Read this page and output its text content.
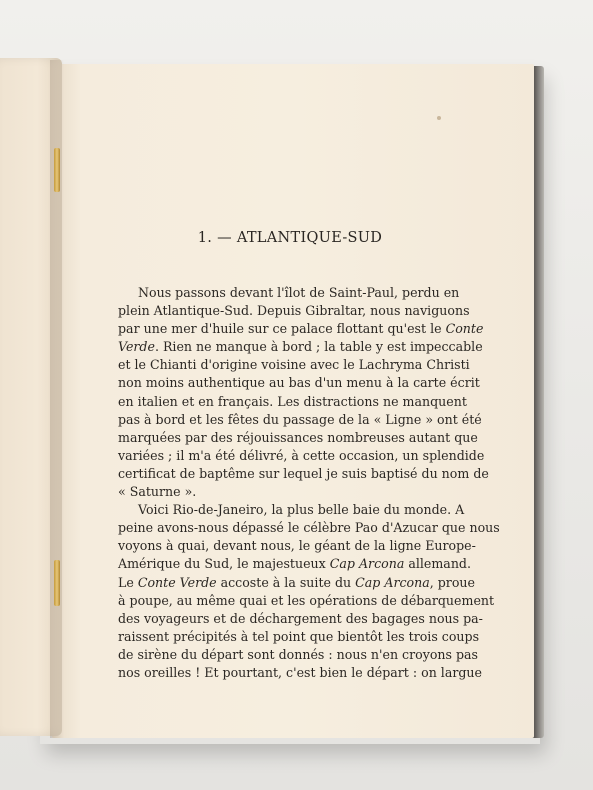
1. — ATLANTIQUE-SUD
Nous passons devant l'îlot de Saint-Paul, perdu en
plein Atlantique-Sud. Depuis Gibraltar, nous naviguons
par une mer d'huile sur ce palace flottant qu'est le Conte
Verde. Rien ne manque à bord ; la table y est impeccable
et le Chianti d'origine voisine avec le Lachryma Christi
non moins authentique au bas d'un menu à la carte écrit
en italien et en français. Les distractions ne manquent
pas à bord et les fêtes du passage de la « Ligne » ont été
marquées par des réjouissances nombreuses autant que
variées ; il m'a été délivré, à cette occasion, un splendide
certificat de baptême sur lequel je suis baptisé du nom de
« Saturne ».
Voici Rio-de-Janeiro, la plus belle baie du monde. A
peine avons-nous dépassé le célèbre Pao d'Azucar que nous
voyons à quai, devant nous, le géant de la ligne Europe-
Amérique du Sud, le majestueux Cap Arcona allemand.
Le Conte Verde accoste à la suite du Cap Arcona, proue
à poupe, au même quai et les opérations de débarquement
des voyageurs et de déchargement des bagages nous pa-
raissent précipités à tel point que bientôt les trois coups
de sirène du départ sont donnés : nous n'en croyons pas
nos oreilles ! Et pourtant, c'est bien le départ : on largue
